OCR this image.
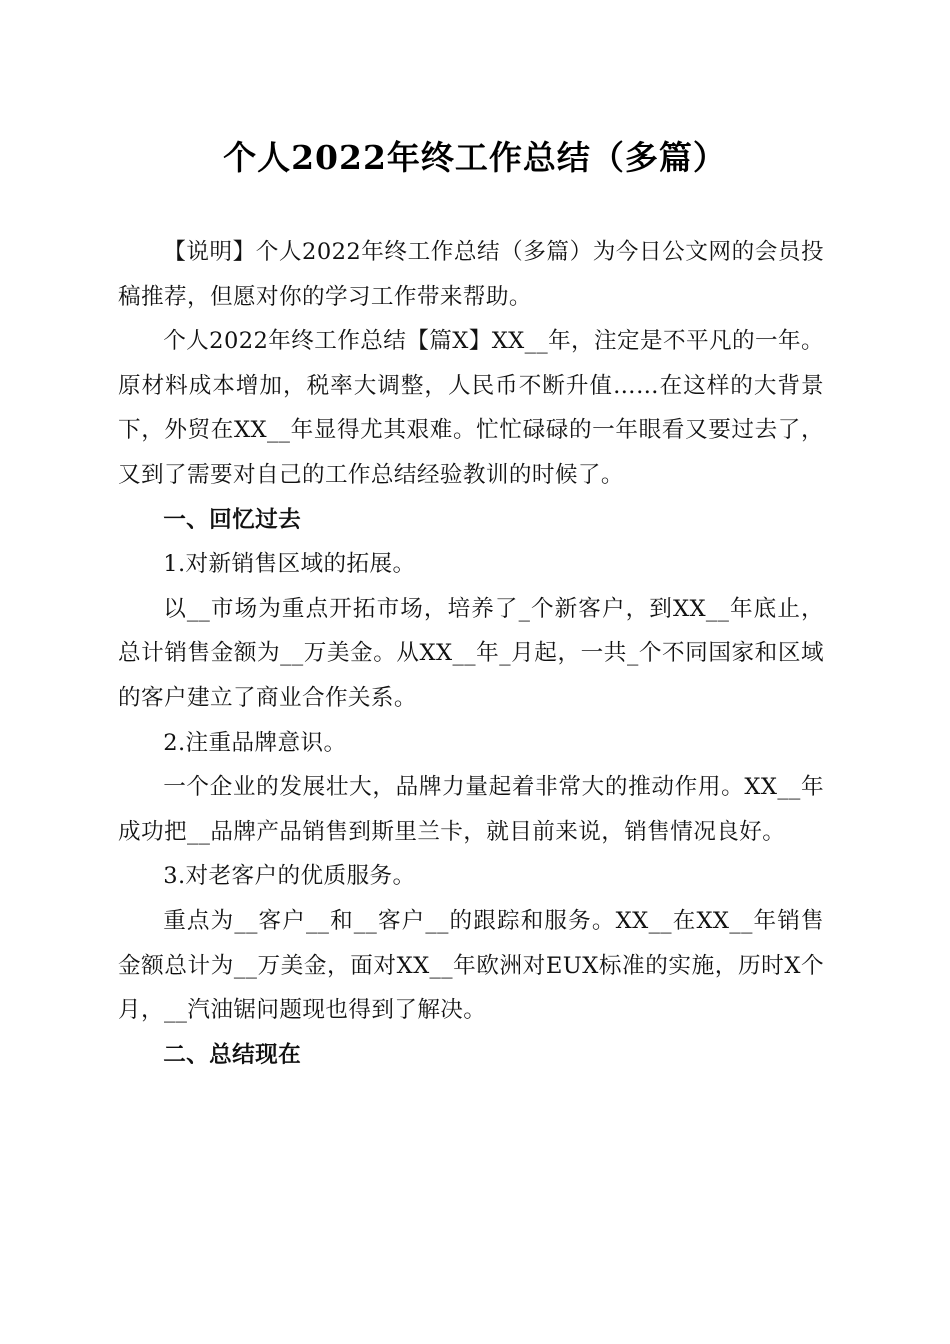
个人2022年终工作总结（多篇）

【说明】个人2022年终工作总结（多篇）为今日公文网的会员投稿推荐，但愿对你的学习工作带来帮助。

个人2022年终工作总结【篇X】XX__年，注定是不平凡的一年。原材料成本增加，税率大调整，人民币不断升值……在这样的大背景下，外贸在XX__年显得尤其艰难。忙忙碌碌的一年眼看又要过去了，又到了需要对自己的工作总结经验教训的时候了。

一、回忆过去

1.对新销售区域的拓展。

以__市场为重点开拓市场，培养了_个新客户，到XX__年底止，总计销售金额为__万美金。从XX__年_月起，一共_个不同国家和区域的客户建立了商业合作关系。

2.注重品牌意识。

一个企业的发展壮大，品牌力量起着非常大的推动作用。XX__年成功把__品牌产品销售到斯里兰卡，就目前来说，销售情况良好。

3.对老客户的优质服务。

重点为__客户__和__客户__的跟踪和服务。XX__在XX__年销售金额总计为__万美金，面对XX__年欧洲对EUX标准的实施，历时X个月，__汽油锯问题现也得到了解决。

二、总结现在
